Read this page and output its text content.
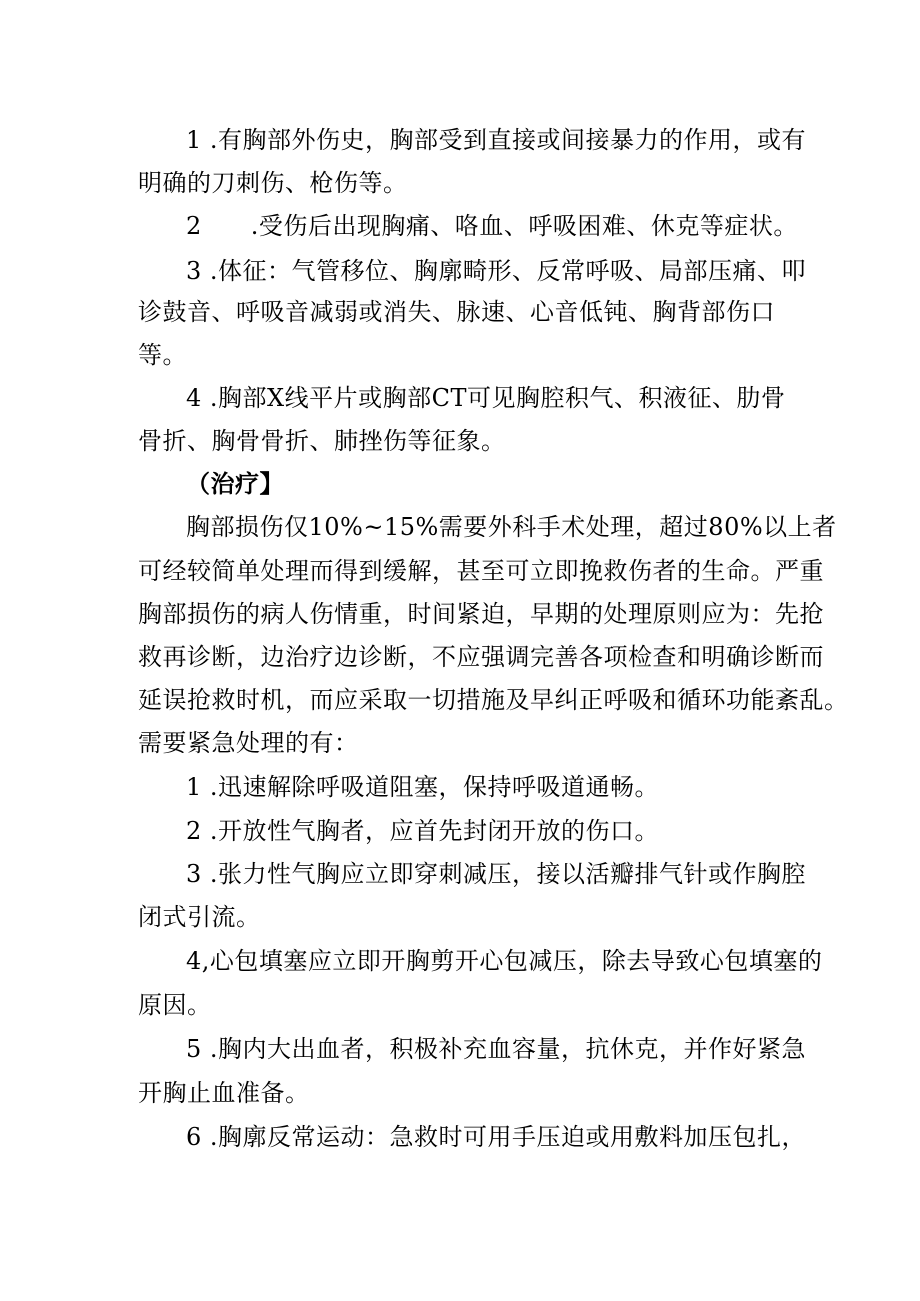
1 .有胸部外伤史，胸部受到直接或间接暴力的作用，或有
明确的刀刺伤、枪伤等。
2　　.受伤后出现胸痛、咯血、呼吸困难、休克等症状。
3 .体征：气管移位、胸廓畸形、反常呼吸、局部压痛、叩
诊鼓音、呼吸音减弱或消失、脉速、心音低钝、胸背部伤口
等。
4 .胸部X线平片或胸部CT可见胸腔积气、积液征、肋骨
骨折、胸骨骨折、肺挫伤等征象。
（治疗】
胸部损伤仅10%~15%需要外科手术处理，超过80%以上者
可经较简单处理而得到缓解，甚至可立即挽救伤者的生命。严重
胸部损伤的病人伤情重，时间紧迫，早期的处理原则应为：先抢
救再诊断，边治疗边诊断，不应强调完善各项检查和明确诊断而
延误抢救时机，而应采取一切措施及早纠正呼吸和循环功能紊乱。
需要紧急处理的有：
1 .迅速解除呼吸道阻塞，保持呼吸道通畅。
2 .开放性气胸者，应首先封闭开放的伤口。
3 .张力性气胸应立即穿刺减压，接以活瓣排气针或作胸腔
闭式引流。
4,心包填塞应立即开胸剪开心包减压，除去导致心包填塞的
原因。
5 .胸内大出血者，积极补充血容量，抗休克，并作好紧急
开胸止血准备。
6 .胸廓反常运动：急救时可用手压迫或用敷料加压包扎，
